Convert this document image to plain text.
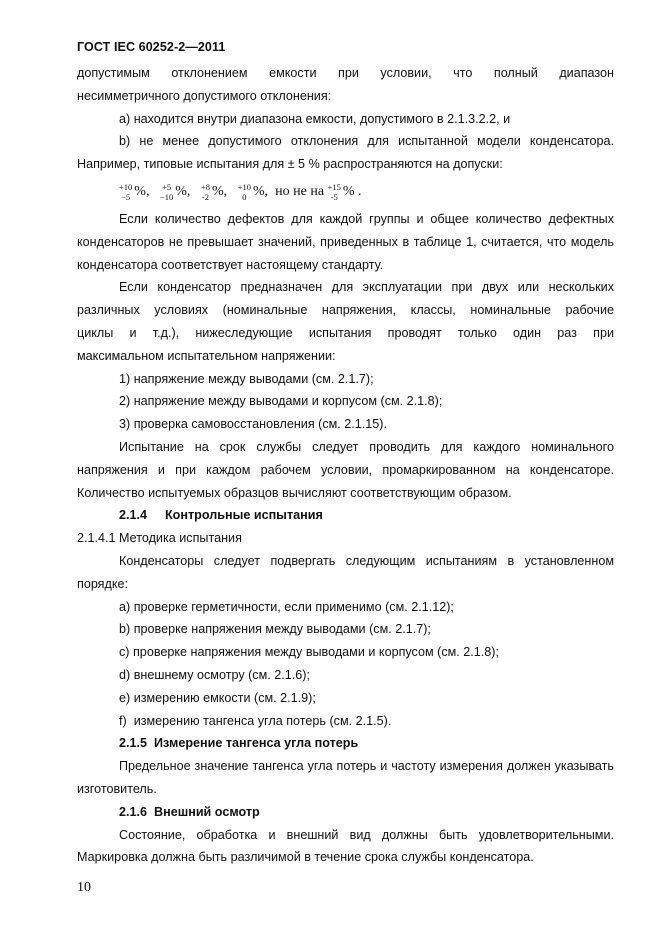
ГОСТ IEC 60252-2—2011

допустимым отклонением емкости при условии, что полный диапазон

несимметричного допустимого отклонения:

a) находится внутри диапазона емкости, допустимого в 2.1.3.2.2, и

b) не менее допустимого отклонения для испытанной модели конденсатора. Например, типовые испытания для ± 5 % распространяются на допуски:

+10
−5 %, +5
−10 %, +8
-2 %, +10
0 %, но не на +15
-5 % .

Если количество дефектов для каждой группы и общее количество дефектных конденсаторов не превышает значений, приведенных в таблице 1, считается, что модель конденсатора соответствует настоящему стандарту.

Если конденсатор предназначен для эксплуатации при двух или нескольких

различных условиях (номинальные напряжения, классы, номинальные рабочие

циклы и т.д.), нижеследующие испытания проводят только один раз при

максимальном испытательном напряжении:

1) напряжение между выводами (см. 2.1.7);

2) напряжение между выводами и корпусом (см. 2.1.8);

3) проверка самовосстановления (см. 2.1.15).

Испытание на срок службы следует проводить для каждого номинального напряжения и при каждом рабочем условии, промаркированном на конденсаторе. Количество испытуемых образцов вычисляют соответствующим образом.

2.1.4 Контрольные испытания

2.1.4.1 Методика испытания

Конденсаторы следует подвергать следующим испытаниям в установленном

порядке:

a) проверке герметичности, если применимо (см. 2.1.12);

b) проверке напряжения между выводами (см. 2.1.7);

c) проверке напряжения между выводами и корпусом (см. 2.1.8);

d) внешнему осмотру (см. 2.1.6);

e) измерению емкости (см. 2.1.9);

f)  измерению тангенса угла потерь (см. 2.1.5).

2.1.5  Измерение тангенса угла потерь

Предельное значение тангенса угла потерь и частоту измерения должен указывать изготовитель.

2.1.6  Внешний осмотр

Состояние, обработка и внешний вид должны быть удовлетворительными. Маркировка должна быть различимой в течение срока службы конденсатора.

10
